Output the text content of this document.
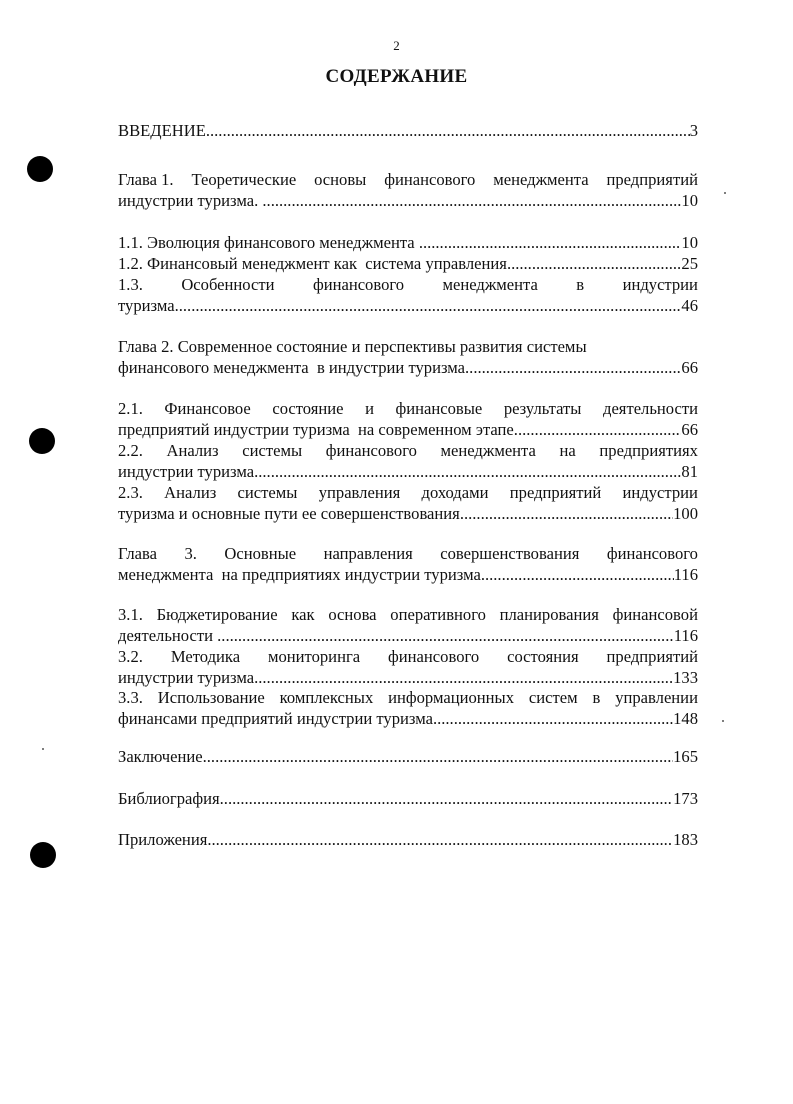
2
СОДЕРЖАНИЕ
ВВЕДЕНИЕ .....	3
Глава 1. Теоретические основы финансового менеджмента предприятий
индустрии туризма. .....	10
1.1. Эволюция финансового менеджмента .....	10
1.2. Финансовый менеджмент как  система управления .....	25
1.3. Особенности финансового менеджмента в индустрии
туризма .....	46
Глава 2. Современное состояние и перспективы развития системы
финансового менеджмента  в индустрии туризма .....	66
2.1. Финансовое состояние и финансовые результаты деятельности
предприятий индустрии туризма  на современном этапе .....	66
2.2. Анализ системы финансового менеджмента на предприятиях
индустрии туризма .....	81
2.3. Анализ системы управления доходами предприятий индустрии
туризма и основные пути ее совершенствования .....	100
Глава 3. Основные направления совершенствования финансового
менеджмента  на предприятиях индустрии туризма .....	116
3.1. Бюджетирование как основа оперативного планирования финансовой
деятельности .....	116
3.2. Методика мониторинга финансового состояния предприятий
индустрии туризма .....	133
3.3. Использование комплексных информационных систем в управлении
финансами предприятий индустрии туризма .....	148
Заключение .....	165
Библиография .....	173
Приложения .....	183
